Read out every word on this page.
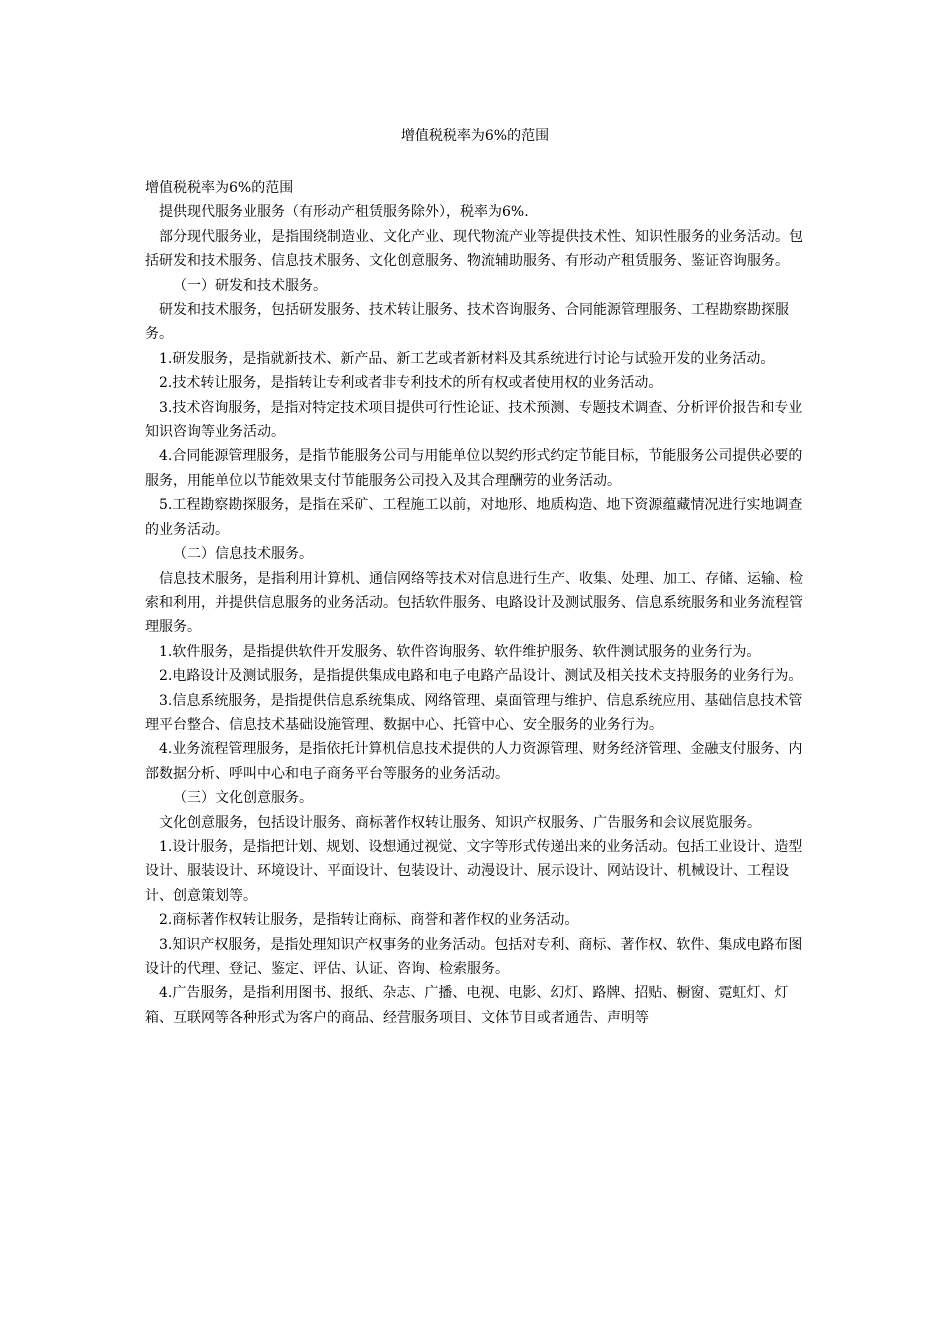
增值税税率为6%的范围

增值税税率为6%的范围

提供现代服务业服务（有形动产租赁服务除外），税率为6%.

部分现代服务业，是指围绕制造业、文化产业、现代物流产业等提供技术性、知识性服务的业务活动。包括研发和技术服务、信息技术服务、文化创意服务、物流辅助服务、有形动产租赁服务、鉴证咨询服务。

（一）研发和技术服务。

研发和技术服务，包括研发服务、技术转让服务、技术咨询服务、合同能源管理服务、工程勘察勘探服务。

1.研发服务，是指就新技术、新产品、新工艺或者新材料及其系统进行讨论与试验开发的业务活动。

2.技术转让服务，是指转让专利或者非专利技术的所有权或者使用权的业务活动。

3.技术咨询服务，是指对特定技术项目提供可行性论证、技术预测、专题技术调查、分析评价报告和专业知识咨询等业务活动。

4.合同能源管理服务，是指节能服务公司与用能单位以契约形式约定节能目标，节能服务公司提供必要的服务，用能单位以节能效果支付节能服务公司投入及其合理酬劳的业务活动。

5.工程勘察勘探服务，是指在采矿、工程施工以前，对地形、地质构造、地下资源蕴藏情况进行实地调查的业务活动。

（二）信息技术服务。

信息技术服务，是指利用计算机、通信网络等技术对信息进行生产、收集、处理、加工、存储、运输、检索和利用，并提供信息服务的业务活动。包括软件服务、电路设计及测试服务、信息系统服务和业务流程管理服务。

1.软件服务，是指提供软件开发服务、软件咨询服务、软件维护服务、软件测试服务的业务行为。

2.电路设计及测试服务，是指提供集成电路和电子电路产品设计、测试及相关技术支持服务的业务行为。

3.信息系统服务，是指提供信息系统集成、网络管理、桌面管理与维护、信息系统应用、基础信息技术管理平台整合、信息技术基础设施管理、数据中心、托管中心、安全服务的业务行为。

4.业务流程管理服务，是指依托计算机信息技术提供的人力资源管理、财务经济管理、金融支付服务、内部数据分析、呼叫中心和电子商务平台等服务的业务活动。

（三）文化创意服务。

文化创意服务，包括设计服务、商标著作权转让服务、知识产权服务、广告服务和会议展览服务。

1.设计服务，是指把计划、规划、设想通过视觉、文字等形式传递出来的业务活动。包括工业设计、造型设计、服装设计、环境设计、平面设计、包装设计、动漫设计、展示设计、网站设计、机械设计、工程设计、创意策划等。

2.商标著作权转让服务，是指转让商标、商誉和著作权的业务活动。

3.知识产权服务，是指处理知识产权事务的业务活动。包括对专利、商标、著作权、软件、集成电路布图设计的代理、登记、鉴定、评估、认证、咨询、检索服务。

4.广告服务，是指利用图书、报纸、杂志、广播、电视、电影、幻灯、路牌、招贴、橱窗、霓虹灯、灯箱、互联网等各种形式为客户的商品、经营服务项目、文体节目或者通告、声明等
